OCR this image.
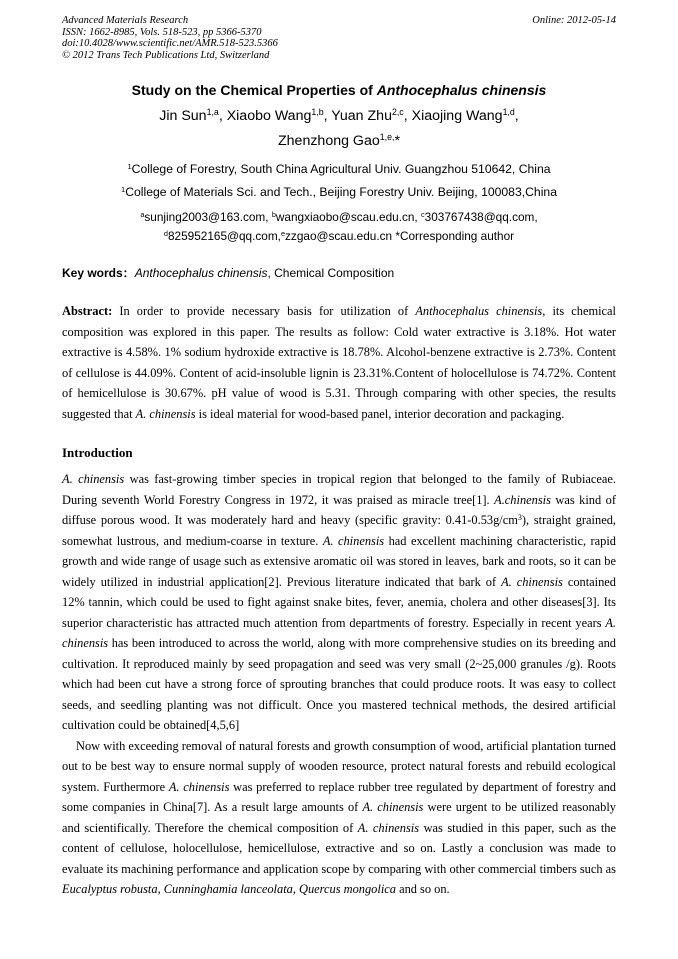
Advanced Materials Research
ISSN: 1662-8985, Vols. 518-523, pp 5366-5370
doi:10.4028/www.scientific.net/AMR.518-523.5366
© 2012 Trans Tech Publications Ltd, Switzerland
Online: 2012-05-14
Study on the Chemical Properties of Anthocephalus chinensis
Jin Sun$^{1,a}$, Xiaobo Wang$^{1,b}$, Yuan Zhu$^{2,c}$, Xiaojing Wang$^{1,d}$,
Zhenzhong Gao$^{1,e,}$*
$^1$College of Forestry, South China Agricultural Univ. Guangzhou 510642, China
$^1$College of Materials Sci. and Tech., Beijing Forestry Univ. Beijing, 100083,China
$^a$sunjing2003@163.com, $^b$wangxiaobo@scau.edu.cn, $^c$303767438@qq.com,
$^d$825952165@qq.com,$^e$zzgao@scau.edu.cn *Corresponding author
Key words：Anthocephalus chinensis, Chemical Composition
Abstract: In order to provide necessary basis for utilization of Anthocephalus chinensis, its chemical composition was explored in this paper. The results as follow: Cold water extractive is 3.18%. Hot water extractive is 4.58%. 1% sodium hydroxide extractive is 18.78%. Alcohol-benzene extractive is 2.73%. Content of cellulose is 44.09%. Content of acid-insoluble lignin is 23.31%.Content of holocellulose is 74.72%. Content of hemicellulose is 30.67%. pH value of wood is 5.31. Through comparing with other species, the results suggested that A. chinensis is ideal material for wood-based panel, interior decoration and packaging.
Introduction

A. chinensis was fast-growing timber species in tropical region that belonged to the family of Rubiaceae. During seventh World Forestry Congress in 1972, it was praised as miracle tree[1]. A.chinensis was kind of diffuse porous wood. It was moderately hard and heavy (specific gravity: $0.41-0.53g/cm^3$), straight grained, somewhat lustrous, and medium-coarse in texture. A. chinensis had excellent machining characteristic, rapid growth and wide range of usage such as extensive aromatic oil was stored in leaves, bark and roots, so it can be widely utilized in industrial application[2]. Previous literature indicated that bark of A. chinensis contained 12% tannin, which could be used to fight against snake bites, fever, anemia, cholera and other diseases[3]. Its superior characteristic has attracted much attention from departments of forestry. Especially in recent years A. chinensis has been introduced to across the world, along with more comprehensive studies on its breeding and cultivation. It reproduced mainly by seed propagation and seed was very small (2~25,000 granules /g). Roots which had been cut have a strong force of sprouting branches that could produce roots. It was easy to collect seeds, and seedling planting was not difficult. Once you mastered technical methods, the desired artificial cultivation could be obtained[4,5,6]

Now with exceeding removal of natural forests and growth consumption of wood, artificial plantation turned out to be best way to ensure normal supply of wooden resource, protect natural forests and rebuild ecological system. Furthermore A. chinensis was preferred to replace rubber tree regulated by department of forestry and some companies in China[7]. As a result large amounts of A. chinensis were urgent to be utilized reasonably and scientifically. Therefore the chemical composition of A. chinensis was studied in this paper, such as the content of cellulose, holocellulose, hemicellulose, extractive and so on. Lastly a conclusion was made to evaluate its machining performance and application scope by comparing with other commercial timbers such as Eucalyptus robusta, Cunninghamia lanceolata, Quercus mongolica and so on.
